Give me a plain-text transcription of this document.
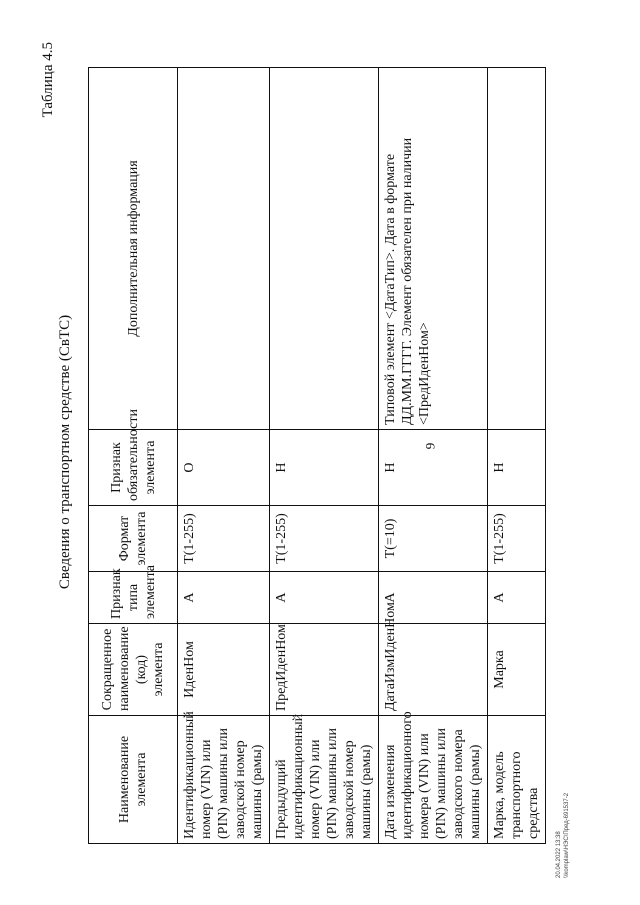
9
Таблица 4.5
Сведения о транспортном средстве (СвТС)
Наименование элемента	Сокращенное наименование (код) элемента	Признак типа элемента	Формат элемента	Признак обязательности элемента	Дополнительная информация
Идентификационный номер (VIN) или (PIN) машины или заводской номер машины (рамы)	ИденНом	А	T(1-255)	О	
Предыдущий идентификационный номер (VIN) или (PIN) машины или заводской номер машины (рамы)	ПредИденНом	А	T(1-255)	Н	
Дата изменения идентификационного номера (VIN) или (PIN) машины или заводского номера машины (рамы)	ДатаИзмИденНом	А	T(=10)	Н	Типовой элемент <ДатаТип>. Дата в формате ДД.ММ.ГГГГ. Элемент обязателен при наличии <ПредИденНом>
Марка, модель транспортного средства	Марка	А	T(1-255)	Н	
20.04.2022 13:38 \\komplaw\НЭС\Пред-691537-2
